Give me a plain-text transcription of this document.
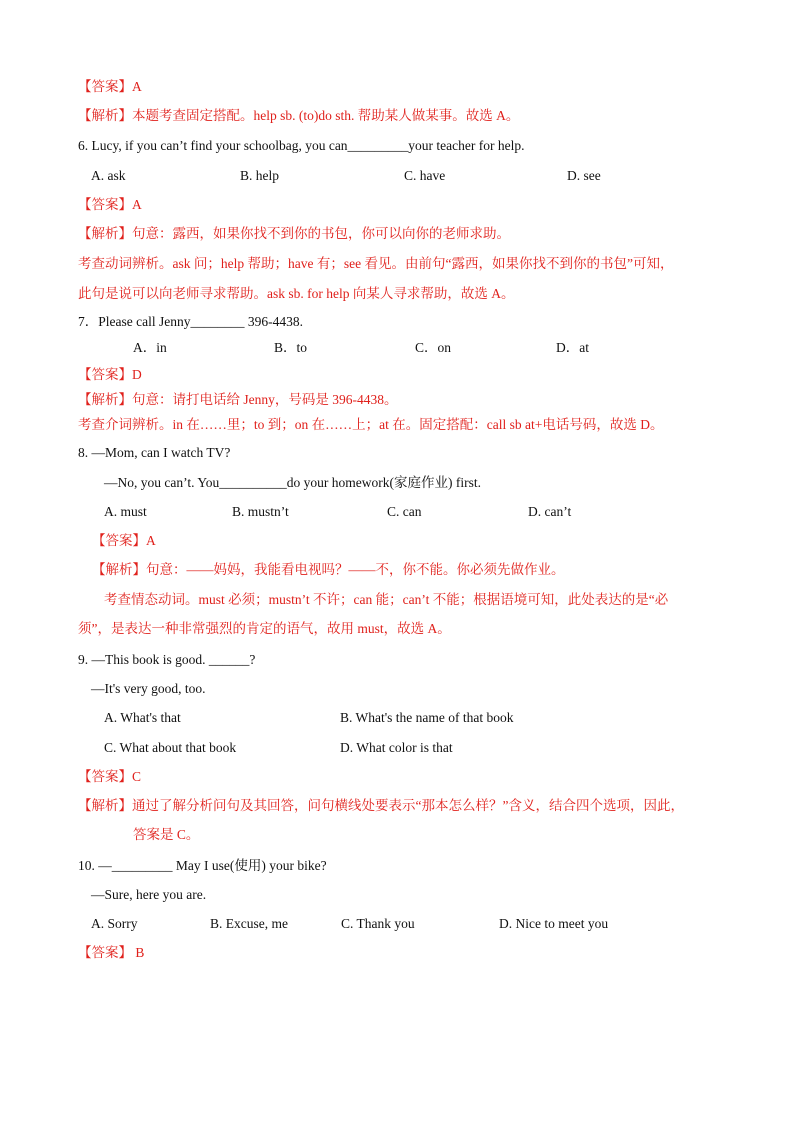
【答案】A
【解析】本题考查固定搭配。help sb. (to)do sth. 帮助某人做某事。故选 A。
6. Lucy, if you can’t find your schoolbag, you can_________your teacher for help.
A. ask	B. help	C. have	D. see
【答案】A
【解析】句意：露西，如果你找不到你的书包，你可以向你的老师求助。
考查动词辨析。ask 问；help 帮助；have 有；see 看见。由前句“露西，如果你找不到你的书包”可知，
此句是说可以向老师寻求帮助。ask sb. for help 向某人寻求帮助，故选 A。
7．Please call Jenny________ 396-4438.
A．in	B．to	C．on	D．at
【答案】D
【解析】句意：请打电话给 Jenny，号码是 396-4438。
考查介词辨析。in 在……里；to 到；on 在……上；at 在。固定搭配：call sb at+电话号码，故选 D。
8. —Mom, can I watch TV?
—No, you can’t. You__________do your homework(家庭作业) first.
A. must	B. mustn’t	C. can	D. can’t
【答案】A
【解析】句意：——妈妈，我能看电视吗？——不，你不能。你必须先做作业。
考查情态动词。must 必须；mustn’t 不许；can 能；can’t 不能；根据语境可知，此处表达的是“必
须”，是表达一种非常强烈的肯定的语气，故用 must，故选 A。
9. —This book is good. ______?
—It's very good, too.
A. What's that	B. What's the name of that book
C. What about that book	D. What color is that
【答案】C
【解析】通过了解分析问句及其回答，问句横线处要表示“那本怎么样？”含义，结合四个选项，因此，
答案是 C。
10. —_________ May I use(使用) your bike?
—Sure, here you are.
A. Sorry	B. Excuse, me	C. Thank you	D. Nice to meet you
【答案】 B
